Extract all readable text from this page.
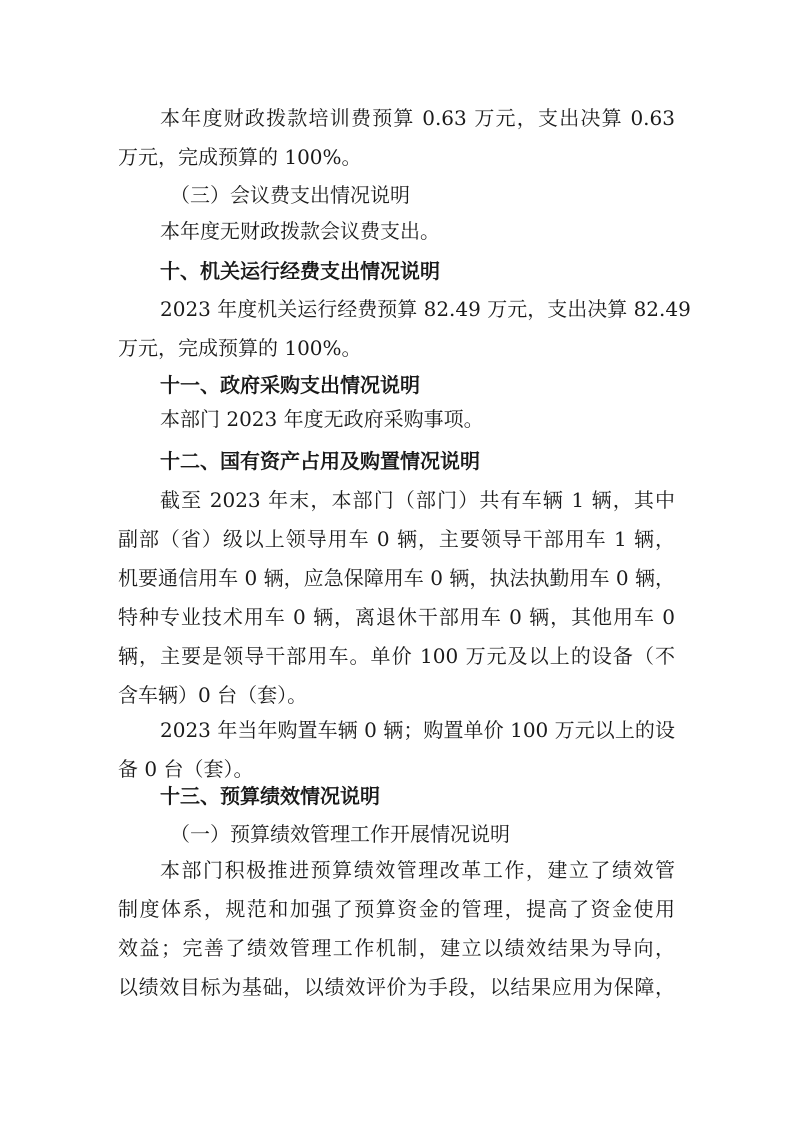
本年度财政拨款培训费预算 0.63 万元，支出决算 0.63
万元，完成预算的 100%。
（三）会议费支出情况说明
本年度无财政拨款会议费支出。
十、机关运行经费支出情况说明
2023 年度机关运行经费预算 82.49 万元，支出决算 82.49
万元，完成预算的 100%。
十一、政府采购支出情况说明
本部门 2023 年度无政府采购事项。
十二、国有资产占用及购置情况说明
截至 2023 年末，本部门（部门）共有车辆 1 辆，其中
副部（省）级以上领导用车 0 辆，主要领导干部用车 1 辆，
机要通信用车 0 辆，应急保障用车 0 辆，执法执勤用车 0 辆，
特种专业技术用车 0 辆，离退休干部用车 0 辆，其他用车 0
辆，主要是领导干部用车。单价 100 万元及以上的设备（不
含车辆）0 台（套）。
2023 年当年购置车辆 0 辆；购置单价 100 万元以上的设
备 0 台（套）。
十三、预算绩效情况说明
（一）预算绩效管理工作开展情况说明
本部门积极推进预算绩效管理改革工作，建立了绩效管
制度体系，规范和加强了预算资金的管理，提高了资金使用
效益；完善了绩效管理工作机制，建立以绩效结果为导向，
以绩效目标为基础，以绩效评价为手段，以结果应用为保障，
